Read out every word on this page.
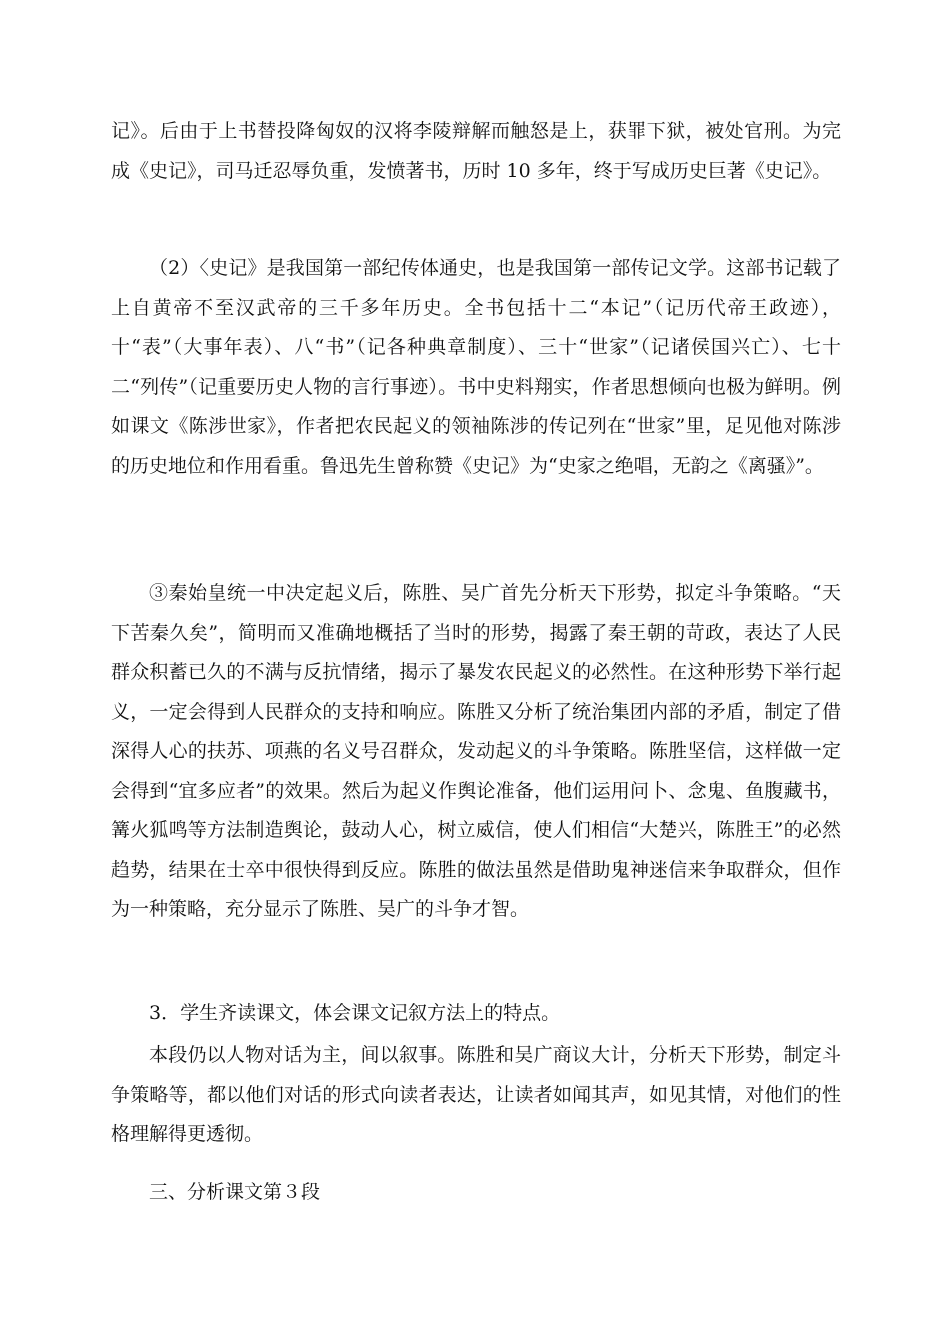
记》。后由于上书替投降匈奴的汉将李陵辩解而触怒是上，获罪下狱，被处官刑。为完成《史记》，司马迁忍辱负重，发愤著书，历时 10 多年，终于写成历史巨著《史记》。

（2）〈史记》是我国第一部纪传体通史，也是我国第一部传记文学。这部书记载了上自黄帝不至汉武帝的三千多年历史。全书包括十二“本记”（记历代帝王政迹），十“表”（大事年表）、八“书”（记各种典章制度）、三十“世家”（记诸侯国兴亡）、七十二“列传”（记重要历史人物的言行事迹）。书中史料翔实，作者思想倾向也极为鲜明。例如课文《陈涉世家》，作者把农民起义的领袖陈涉的传记列在“世家”里，足见他对陈涉的历史地位和作用看重。鲁迅先生曾称赞《史记》为“史家之绝唱，无韵之《离骚》”。

③秦始皇统一中决定起义后，陈胜、吴广首先分析天下形势，拟定斗争策略。“天下苦秦久矣”，简明而又准确地概括了当时的形势，揭露了秦王朝的苛政，表达了人民群众积蓄已久的不满与反抗情绪，揭示了暴发农民起义的必然性。在这种形势下举行起义，一定会得到人民群众的支持和响应。陈胜又分析了统治集团内部的矛盾，制定了借深得人心的扶苏、项燕的名义号召群众，发动起义的斗争策略。陈胜坚信，这样做一定会得到“宜多应者”的效果。然后为起义作舆论准备，他们运用问卜、念鬼、鱼腹藏书，篝火狐鸣等方法制造舆论，鼓动人心，树立威信，使人们相信“大楚兴，陈胜王”的必然趋势，结果在士卒中很快得到反应。陈胜的做法虽然是借助鬼神迷信来争取群众，但作为一种策略，充分显示了陈胜、吴广的斗争才智。

3．学生齐读课文，体会课文记叙方法上的特点。

本段仍以人物对话为主，间以叙事。陈胜和吴广商议大计，分析天下形势，制定斗争策略等，都以他们对话的形式向读者表达，让读者如闻其声，如见其情，对他们的性格理解得更透彻。

三、分析课文第３段
